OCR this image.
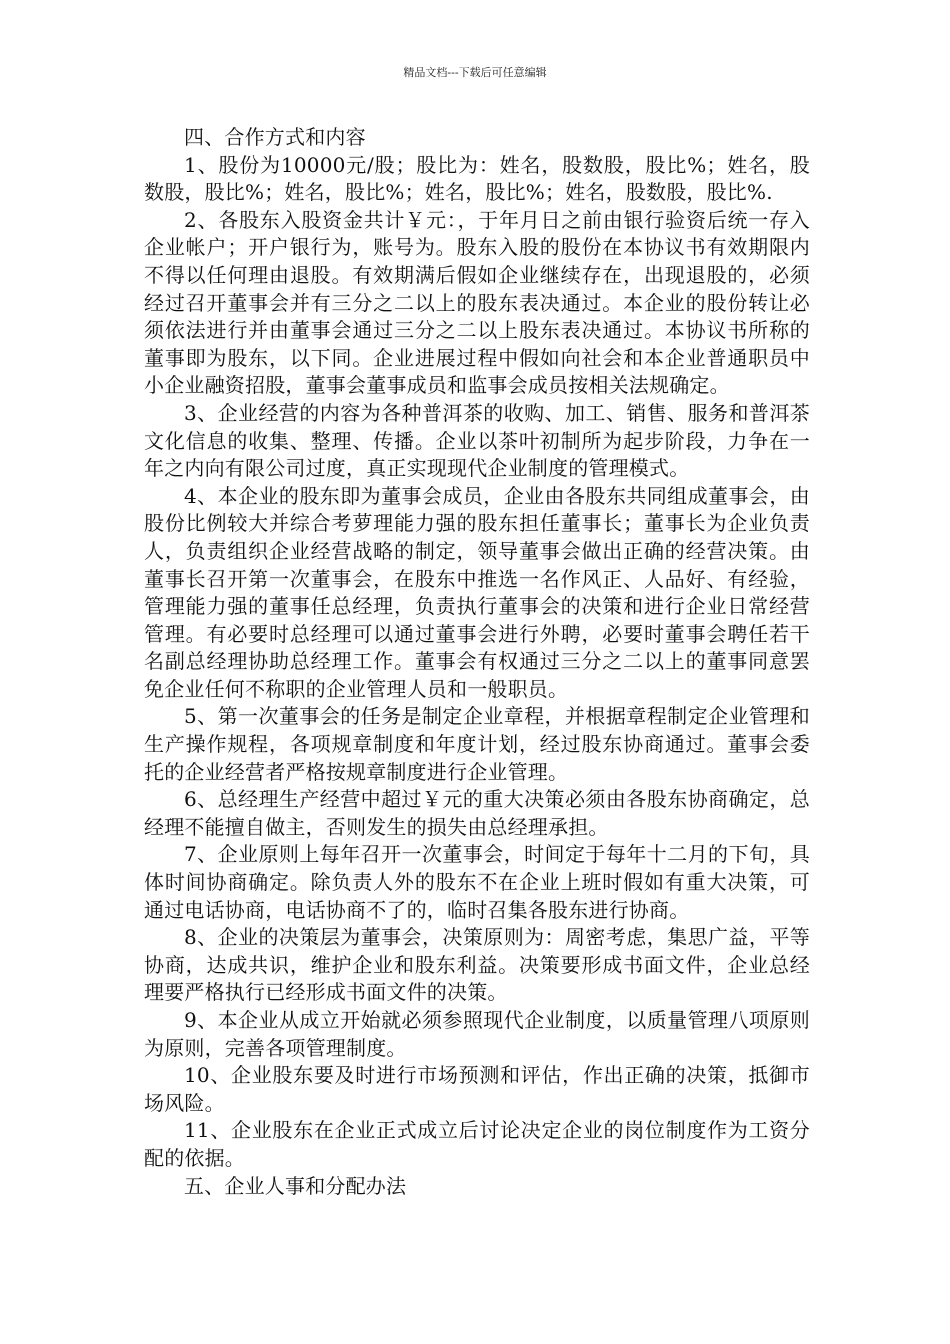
精品文档---下载后可任意编辑

四、合作方式和内容

1、股份为10000元/股；股比为：姓名，股数股，股比%；姓名，股数股，股比%；姓名，股比%；姓名，股比%；姓名，股数股，股比%.

2、各股东入股资金共计￥元：，于年月日之前由银行验资后统一存入企业帐户；开户银行为，账号为。股东入股的股份在本协议书有效期限内不得以任何理由退股。有效期满后假如企业继续存在，出现退股的，必须经过召开董事会并有三分之二以上的股东表决通过。本企业的股份转让必须依法进行并由董事会通过三分之二以上股东表决通过。本协议书所称的董事即为股东，以下同。企业进展过程中假如向社会和本企业普通职员中小企业融资招股，董事会董事成员和监事会成员按相关法规确定。

3、企业经营的内容为各种普洱茶的收购、加工、销售、服务和普洱茶文化信息的收集、整理、传播。企业以茶叶初制所为起步阶段，力争在一年之内向有限公司过度，真正实现现代企业制度的管理模式。

4、本企业的股东即为董事会成员，企业由各股东共同组成董事会，由股份比例较大并综合考萝理能力强的股东担任董事长；董事长为企业负责人，负责组织企业经营战略的制定，领导董事会做出正确的经营决策。由董事长召开第一次董事会，在股东中推选一名作风正、人品好、有经验，管理能力强的董事任总经理，负责执行董事会的决策和进行企业日常经营管理。有必要时总经理可以通过董事会进行外聘，必要时董事会聘任若干名副总经理协助总经理工作。董事会有权通过三分之二以上的董事同意罢免企业任何不称职的企业管理人员和一般职员。

5、第一次董事会的任务是制定企业章程，并根据章程制定企业管理和生产操作规程，各项规章制度和年度计划，经过股东协商通过。董事会委托的企业经营者严格按规章制度进行企业管理。

6、总经理生产经营中超过￥元的重大决策必须由各股东协商确定，总经理不能擅自做主，否则发生的损失由总经理承担。

7、企业原则上每年召开一次董事会，时间定于每年十二月的下旬，具体时间协商确定。除负责人外的股东不在企业上班时假如有重大决策，可通过电话协商，电话协商不了的，临时召集各股东进行协商。

8、企业的决策层为董事会，决策原则为：周密考虑，集思广益，平等协商，达成共识，维护企业和股东利益。决策要形成书面文件，企业总经理要严格执行已经形成书面文件的决策。

9、本企业从成立开始就必须参照现代企业制度，以质量管理八项原则为原则，完善各项管理制度。

10、企业股东要及时进行市场预测和评估，作出正确的决策，抵御市场风险。

11、企业股东在企业正式成立后讨论决定企业的岗位制度作为工资分配的依据。

五、企业人事和分配办法
